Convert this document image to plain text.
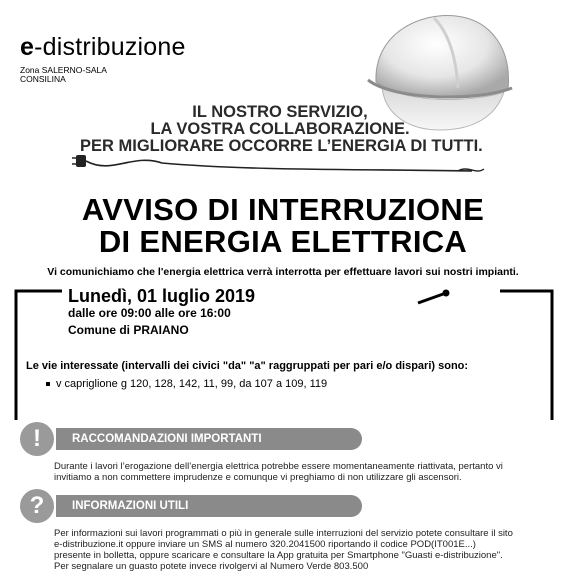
e-distribuzione
Zona SALERNO-SALA
CONSILINA
IL NOSTRO SERVIZIO,
LA VOSTRA COLLABORAZIONE.
PER MIGLIORARE OCCORRE L’ENERGIA DI TUTTI.
AVVISO DI INTERRUZIONE
DI ENERGIA ELETTRICA
Vi comunichiamo che l'energia elettrica verrà interrotta per effettuare lavori sui nostri impianti.
Lunedì, 01 luglio 2019
dalle ore 09:00 alle ore 16:00
Comune di PRAIANO
Le vie interessate (intervalli dei civici "da" "a" raggruppati per pari e/o dispari) sono:
v capriglione g 120, 128, 142, 11, 99, da 107 a 109, 119
RACCOMANDAZIONI IMPORTANTI
!
Durante i lavori l’erogazione dell’energia elettrica potrebbe essere momentaneamente riattivata, pertanto vi
invitiamo a non commettere imprudenze e comunque vi preghiamo di non utilizzare gli ascensori.
INFORMAZIONI UTILI
?
Per informazioni sui lavori programmati o più in generale sulle interruzioni del servizio potete consultare il sito
e-distribuzione.it oppure inviare un SMS al numero 320.2041500 riportando il codice POD(IT001E...)
presente in bolletta, oppure scaricare e consultare la App gratuita per Smartphone "Guasti e-distribuzione".
Per segnalare un guasto potete invece rivolgervi al Numero Verde 803.500
